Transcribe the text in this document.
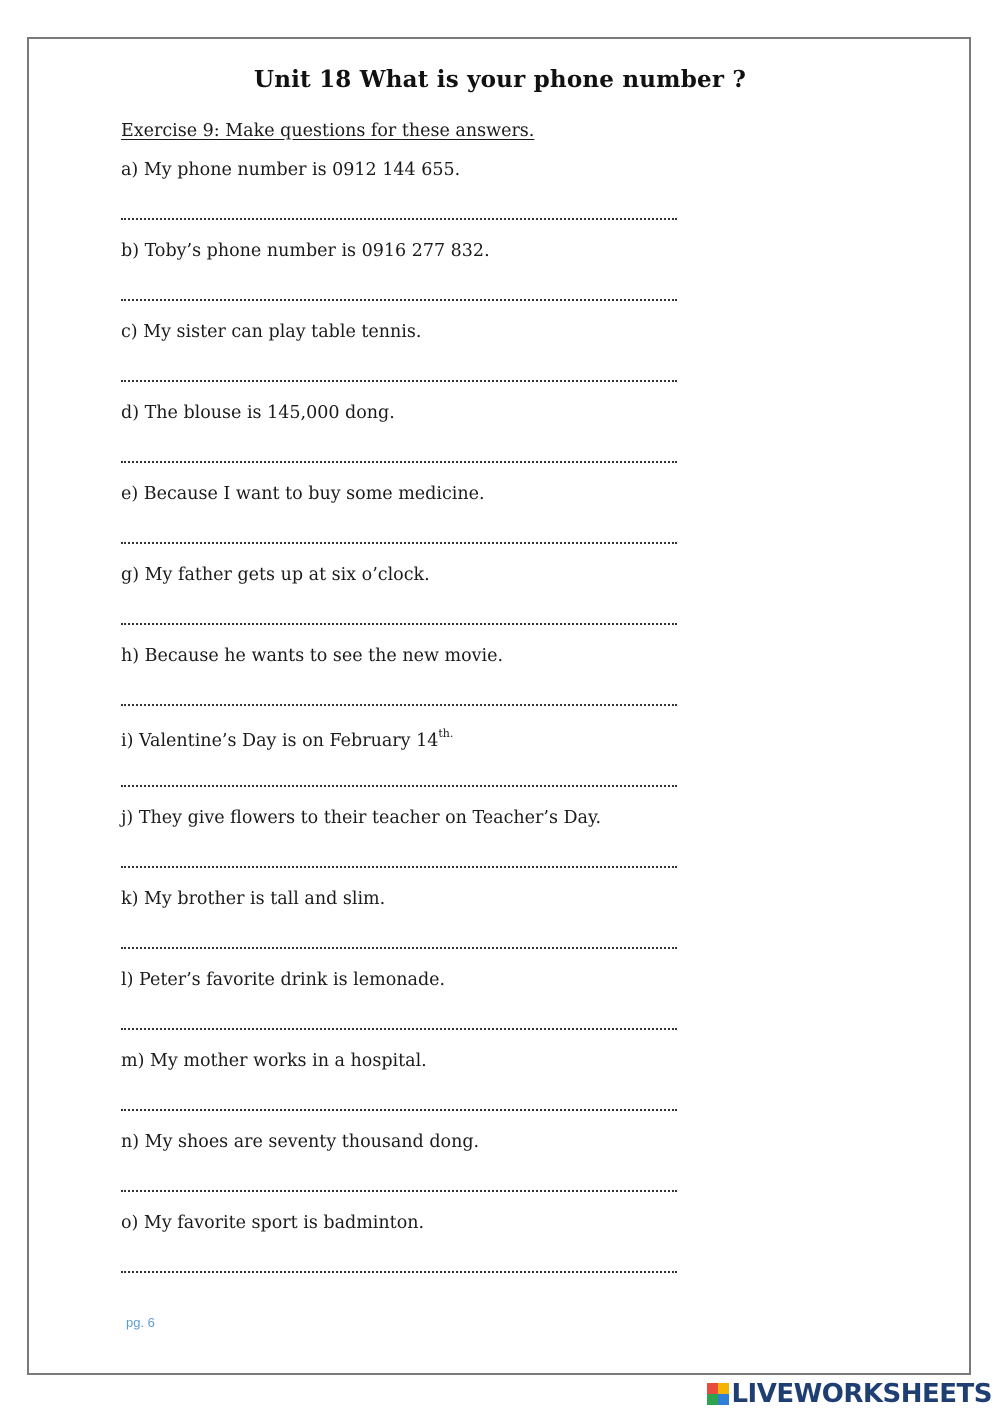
Unit 18 What is your phone number ?
Exercise 9: Make questions for these answers.
a) My phone number is 0912 144 655.
b) Toby’s phone number is 0916 277 832.
c) My sister can play table tennis.
d) The blouse is 145,000 dong.
e) Because I want to buy some medicine.
g) My father gets up at six o’clock.
h) Because he wants to see the new movie.
i) Valentine’s Day is on February $14^{th.}$
j) They give flowers to their teacher on Teacher’s Day.
k) My brother is tall and slim.
l) Peter’s favorite drink is lemonade.
m) My mother works in a hospital.
n) My shoes are seventy thousand dong.
o) My favorite sport is badminton.
pg. 6
LIVEWORKSHEETS
